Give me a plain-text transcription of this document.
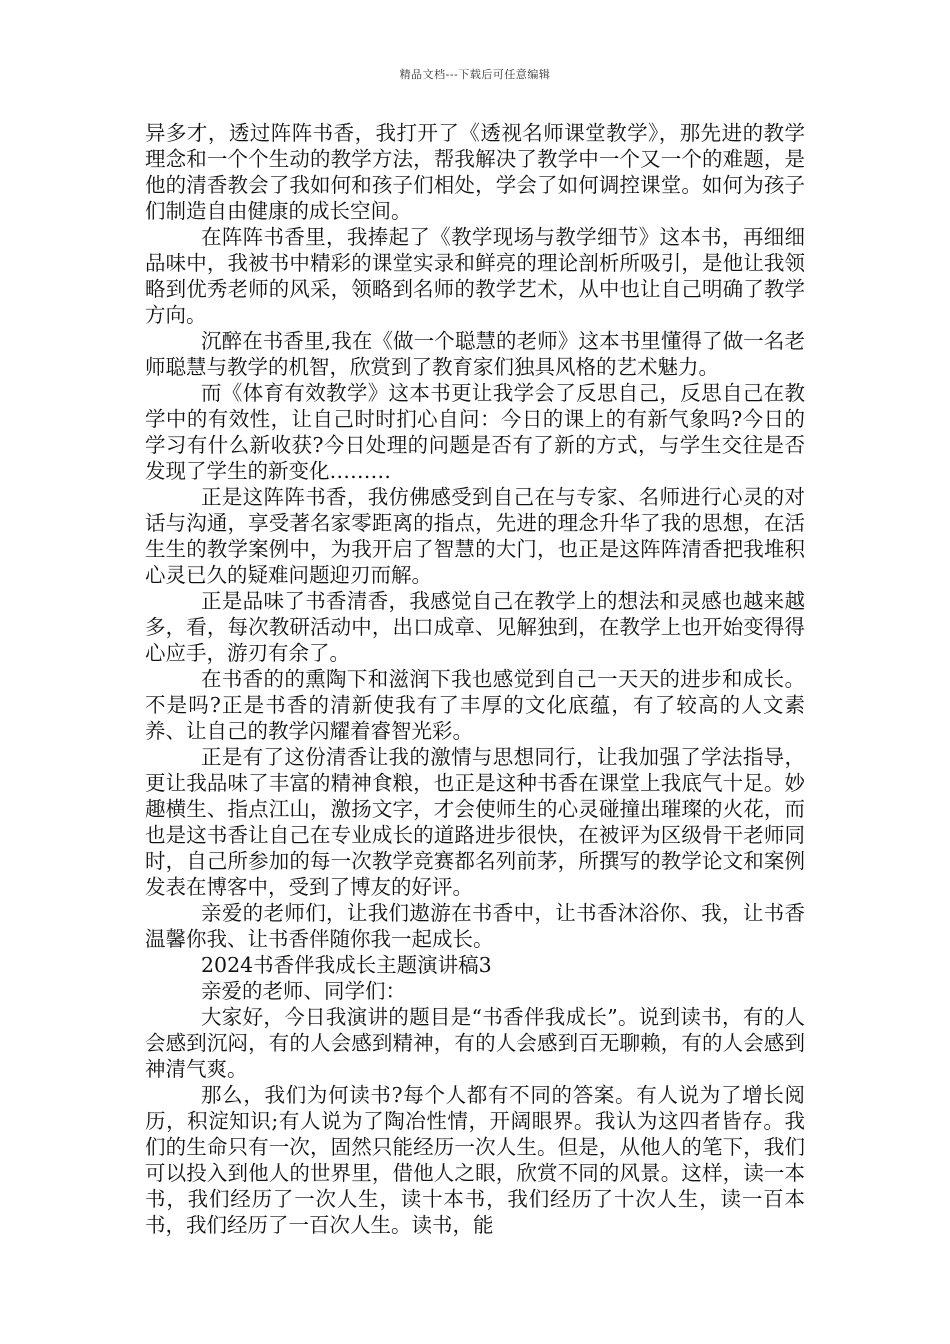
精品文档---下载后可任意编辑

异多才，透过阵阵书香，我打开了《透视名师课堂教学》，那先进的教学理念和一个个生动的教学方法，帮我解决了教学中一个又一个的难题，是他的清香教会了我如何和孩子们相处，学会了如何调控课堂。如何为孩子们制造自由健康的成长空间。

在阵阵书香里，我捧起了《教学现场与教学细节》这本书，再细细品味中，我被书中精彩的课堂实录和鲜亮的理论剖析所吸引，是他让我领略到优秀老师的风采，领略到名师的教学艺术，从中也让自己明确了教学方向。

沉醉在书香里,我在《做一个聪慧的老师》这本书里懂得了做一名老师聪慧与教学的机智，欣赏到了教育家们独具风格的艺术魅力。

而《体育有效教学》这本书更让我学会了反思自己，反思自己在教学中的有效性，让自己时时扪心自问：今日的课上的有新气象吗?今日的学习有什么新收获?今日处理的问题是否有了新的方式，与学生交往是否发现了学生的新变化………

正是这阵阵书香，我仿佛感受到自己在与专家、名师进行心灵的对话与沟通，享受著名家零距离的指点，先进的理念升华了我的思想，在活生生的教学案例中，为我开启了智慧的大门，也正是这阵阵清香把我堆积心灵已久的疑难问题迎刃而解。

正是品味了书香清香，我感觉自己在教学上的想法和灵感也越来越多，看，每次教研活动中，出口成章、见解独到，在教学上也开始变得得心应手，游刃有余了。

在书香的的熏陶下和滋润下我也感觉到自己一天天的进步和成长。不是吗?正是书香的清新使我有了丰厚的文化底蕴，有了较高的人文素养、让自己的教学闪耀着睿智光彩。

正是有了这份清香让我的激情与思想同行，让我加强了学法指导，更让我品味了丰富的精神食粮，也正是这种书香在课堂上我底气十足。妙趣横生、指点江山，激扬文字，才会使师生的心灵碰撞出璀璨的火花，而也是这书香让自己在专业成长的道路进步很快，在被评为区级骨干老师同时，自己所参加的每一次教学竞赛都名列前茅，所撰写的教学论文和案例发表在博客中，受到了博友的好评。

亲爱的老师们，让我们遨游在书香中，让书香沐浴你、我，让书香温馨你我、让书香伴随你我一起成长。

2024书香伴我成长主题演讲稿3

亲爱的老师、同学们：

大家好，今日我演讲的题目是“书香伴我成长”。说到读书，有的人会感到沉闷，有的人会感到精神，有的人会感到百无聊赖，有的人会感到神清气爽。

那么，我们为何读书?每个人都有不同的答案。有人说为了增长阅历，积淀知识;有人说为了陶冶性情，开阔眼界。我认为这四者皆存。我们的生命只有一次，固然只能经历一次人生。但是，从他人的笔下，我们可以投入到他人的世界里，借他人之眼，欣赏不同的风景。这样，读一本书，我们经历了一次人生，读十本书，我们经历了十次人生，读一百本书，我们经历了一百次人生。读书，能
